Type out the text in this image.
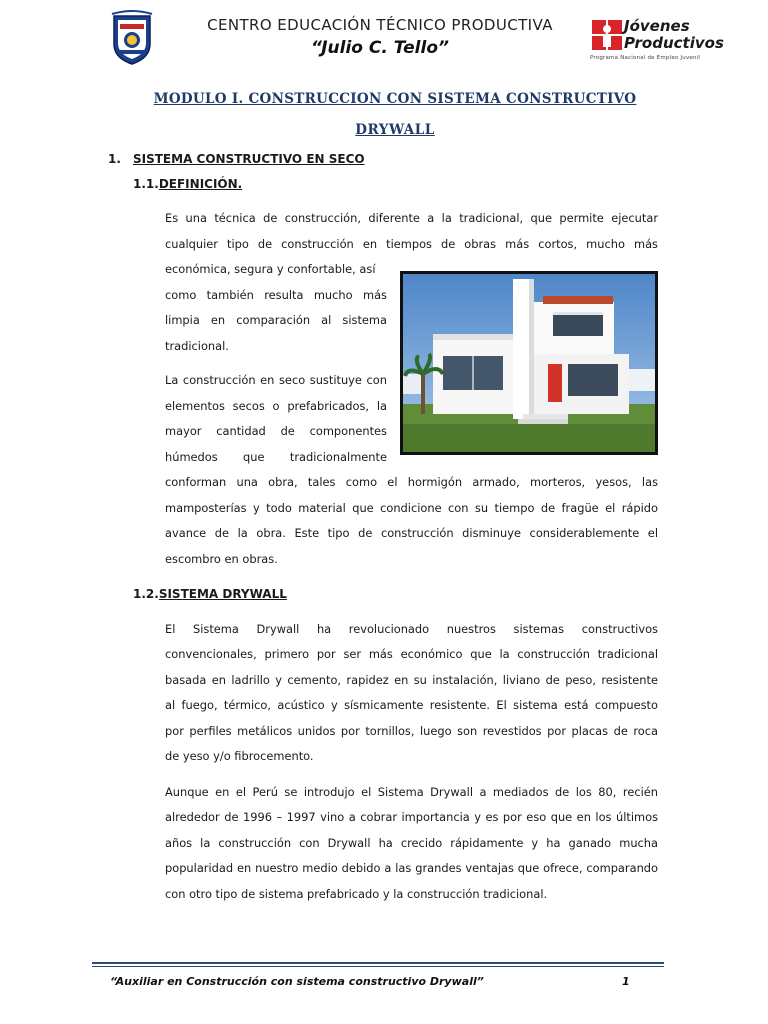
CENTRO EDUCACIÓN TÉCNICO PRODUCTIVA
“Julio C. Tello”
Jóvenes
Productivos
Programa Nacional de Empleo Juvenil
MODULO I. CONSTRUCCION CON SISTEMA CONSTRUCTIVO
DRYWALL
1. SISTEMA CONSTRUCTIVO EN SECO
1.1.DEFINICIÓN.
Es una técnica de construcción, diferente a la tradicional, que permite ejecutar
cualquier tipo de construcción en tiempos de obras más cortos, mucho más
económica, segura y confortable, así
como también resulta mucho más
limpia en comparación al sistema
tradicional.
La construcción en seco sustituye con
elementos secos o prefabricados, la
mayor cantidad de componentes
húmedos que tradicionalmente
conforman una obra, tales como el hormigón armado, morteros, yesos, las
mamposterías y todo material que condicione con su tiempo de fragüe el rápido
avance de la obra. Este tipo de construcción disminuye considerablemente el
escombro en obras.
1.2.SISTEMA DRYWALL
El Sistema Drywall ha revolucionado nuestros sistemas constructivos
convencionales, primero por ser más económico que la construcción tradicional
basada en ladrillo y cemento, rapidez en su instalación, liviano de peso, resistente
al fuego, térmico, acústico y sísmicamente resistente. El sistema está compuesto
por perfiles metálicos unidos por tornillos, luego son revestidos por placas de roca
de yeso y/o fibrocemento.
Aunque en el Perú se introdujo el Sistema Drywall a mediados de los 80, recién
alrededor de 1996 – 1997 vino a cobrar importancia y es por eso que en los últimos
años la construcción con Drywall ha crecido rápidamente y ha ganado mucha
popularidad en nuestro medio debido a las grandes ventajas que ofrece, comparando
con otro tipo de sistema prefabricado y la construcción tradicional.
“Auxiliar en Construcción con sistema constructivo Drywall”	1
